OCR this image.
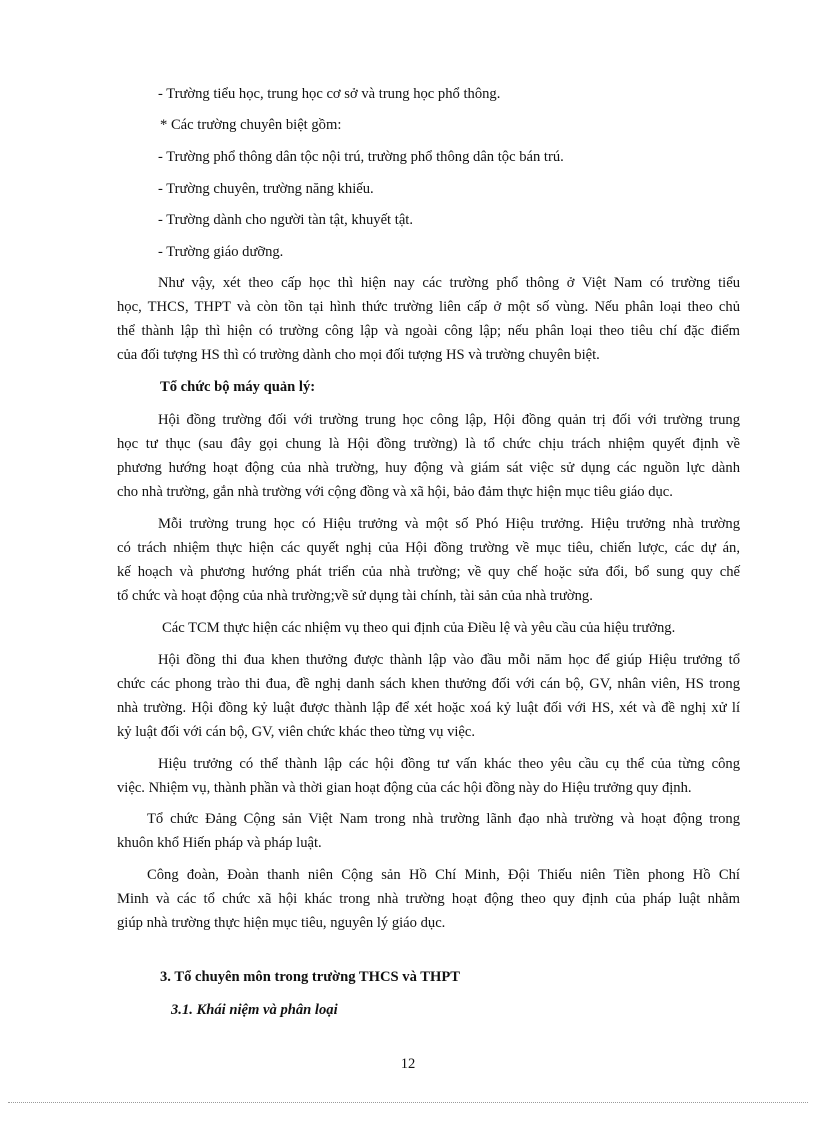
- Trường tiểu học, trung học cơ sở và trung học phổ thông.
* Các trường chuyên biệt gồm:
- Trường phổ thông dân tộc nội trú, trường phổ thông dân tộc bán trú.
- Trường chuyên, trường năng khiếu.
- Trường dành cho người tàn tật, khuyết tật.
- Trường giáo dưỡng.
Như vậy, xét theo cấp học thì hiện nay các trường phổ thông ở Việt Nam có trường tiểu
học, THCS, THPT và còn tồn tại hình thức trường liên cấp ở một số vùng. Nếu phân loại theo chủ
thể thành lập thì hiện có trường công lập và ngoài công lập; nếu phân loại theo tiêu chí đặc điểm
của đối tượng HS thì có trường dành cho mọi đối tượng HS và trường chuyên biệt.
Tổ chức bộ máy quản lý:
Hội đồng trường đối với trường trung học công lập, Hội đồng quản trị đối với trường trung
học tư thục (sau đây gọi chung là Hội đồng trường) là tổ chức chịu trách nhiệm quyết định về
phương hướng hoạt động của nhà trường, huy động và giám sát việc sử dụng các nguồn lực dành
cho nhà trường, gắn nhà trường với cộng đồng và xã hội, bảo đảm thực hiện mục tiêu giáo dục.
Mỗi trường trung học có Hiệu trưởng và một số Phó Hiệu trưởng. Hiệu trưởng nhà trường
có trách nhiệm thực hiện các quyết nghị của Hội đồng trường về mục tiêu, chiến lược, các dự án,
kế hoạch và phương hướng phát triển của nhà trường; về quy chế hoặc sửa đổi, bổ sung quy chế
tổ chức và hoạt động của nhà trường;về sử dụng tài chính, tài sản của nhà trường.
Các TCM thực hiện các nhiệm vụ theo qui định của Điều lệ và yêu cầu của hiệu trưởng.
Hội đồng thi đua khen thưởng được thành lập vào đầu mỗi năm học để giúp Hiệu trưởng tổ
chức các phong trào thi đua, đề nghị danh sách khen thưởng đối với cán bộ, GV, nhân viên, HS trong
nhà trường. Hội đồng kỷ luật được thành lập để xét hoặc xoá kỷ luật đối với HS, xét và đề nghị xử lí
kỷ luật đối với cán bộ, GV, viên chức khác theo từng vụ việc.
Hiệu trưởng có thể thành lập các hội đồng tư vấn khác theo yêu cầu cụ thể của từng công
việc. Nhiệm vụ, thành phần và thời gian hoạt động của các hội đồng này do Hiệu trưởng quy định.
Tổ chức Đảng Cộng sản Việt Nam trong nhà trường lãnh đạo nhà trường và hoạt động trong
khuôn khổ Hiến pháp và pháp luật.
Công đoàn, Đoàn thanh niên Cộng sản Hồ Chí Minh, Đội Thiếu niên Tiền phong Hồ Chí
Minh và các tổ chức xã hội khác trong nhà trường hoạt động theo quy định của pháp luật nhằm
giúp nhà trường thực hiện mục tiêu, nguyên lý giáo dục.
3. Tổ chuyên môn trong trường THCS và THPT
3.1. Khái niệm và phân loại
12
